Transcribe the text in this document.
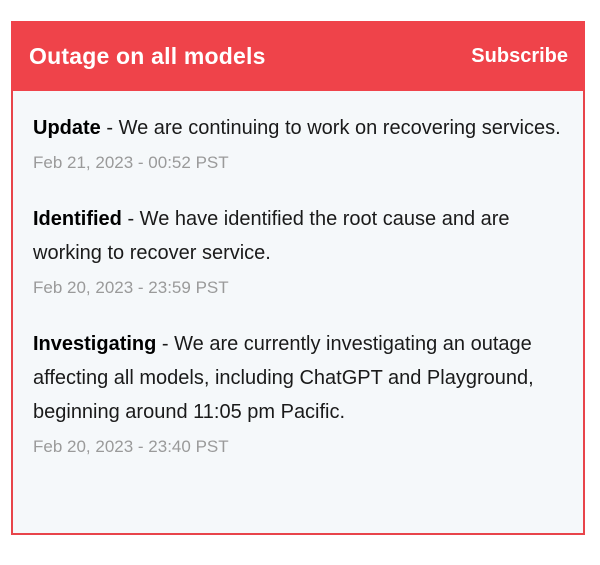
Outage on all models	Subscribe

Update - We are continuing to work on recovering services.

Feb 21, 2023 - 00:52 PST

Identified - We have identified the root cause and are working to recover service.

Feb 20, 2023 - 23:59 PST

Investigating - We are currently investigating an outage affecting all models, including ChatGPT and Playground, beginning around 11:05 pm Pacific.

Feb 20, 2023 - 23:40 PST
